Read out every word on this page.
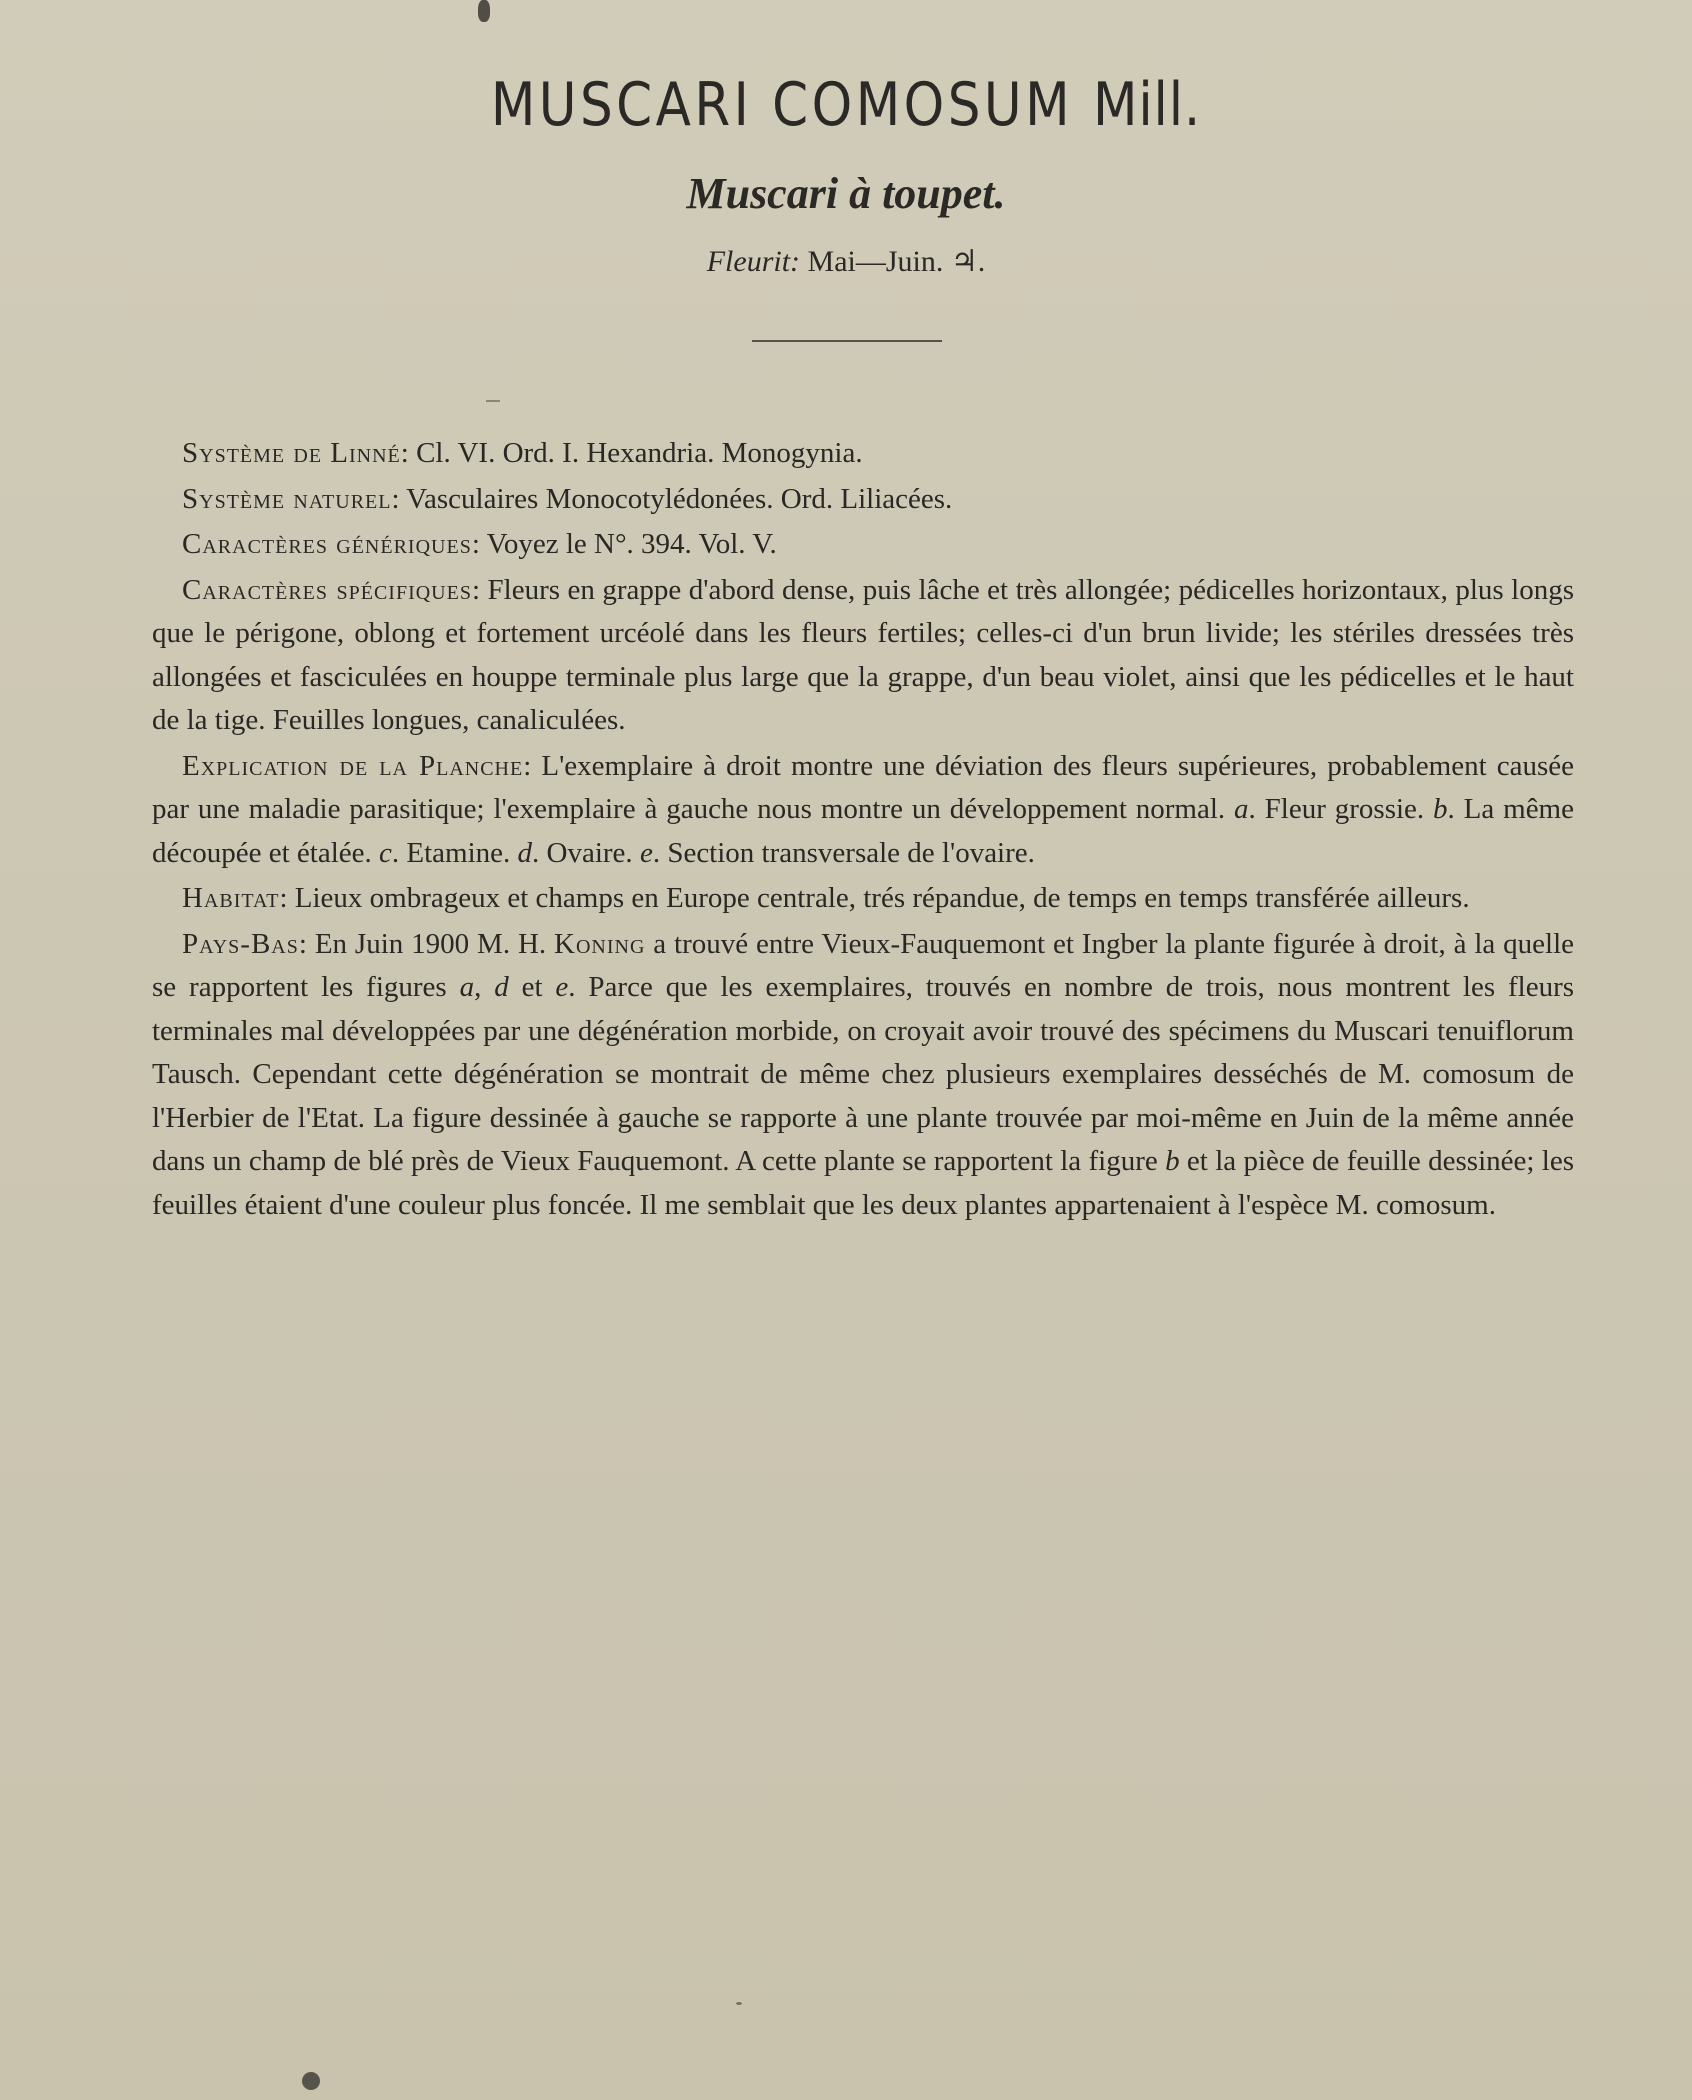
MUSCARI COMOSUM Mill.
Muscari à toupet.
Fleurit: Mai—Juin. ♃.

Système de Linné: Cl. VI. Ord. I. Hexandria. Monogynia.

Système naturel: Vasculaires Monocotylédonées. Ord. Liliacées.

Caractères génériques: Voyez le N°. 394. Vol. V.

Caractères spécifiques: Fleurs en grappe d'abord dense, puis lâche et très allongée; pédicelles horizontaux, plus longs que le périgone, oblong et fortement urcéolé dans les fleurs fertiles; celles-ci d'un brun livide; les stériles dressées très allongées et fasciculées en houppe terminale plus large que la grappe, d'un beau violet, ainsi que les pédicelles et le haut de la tige. Feuilles longues, canaliculées.

Explication de la Planche: L'exemplaire à droit montre une déviation des fleurs supérieures, probablement causée par une maladie parasitique; l'exemplaire à gauche nous montre un développement normal. a. Fleur grossie. b. La même découpée et étalée. c. Etamine. d. Ovaire. e. Section transversale de l'ovaire.

Habitat: Lieux ombrageux et champs en Europe centrale, trés répandue, de temps en temps transférée ailleurs.

Pays-Bas: En Juin 1900 M. H. Koning a trouvé entre Vieux-Fauquemont et Ingber la plante figurée à droit, à la quelle se rapportent les figures a, d et e. Parce que les exemplaires, trouvés en nombre de trois, nous montrent les fleurs terminales mal développées par une dégénération morbide, on croyait avoir trouvé des spécimens du Muscari tenuiflorum Tausch. Cependant cette dégénération se montrait de même chez plusieurs exemplaires desséchés de M. comosum de l'Herbier de l'Etat. La figure dessinée à gauche se rapporte à une plante trouvée par moi-même en Juin de la même année dans un champ de blé près de Vieux Fauquemont. A cette plante se rapportent la figure b et la pièce de feuille dessinée; les feuilles étaient d'une couleur plus foncée. Il me semblait que les deux plantes appartenaient à l'espèce M. comosum.
